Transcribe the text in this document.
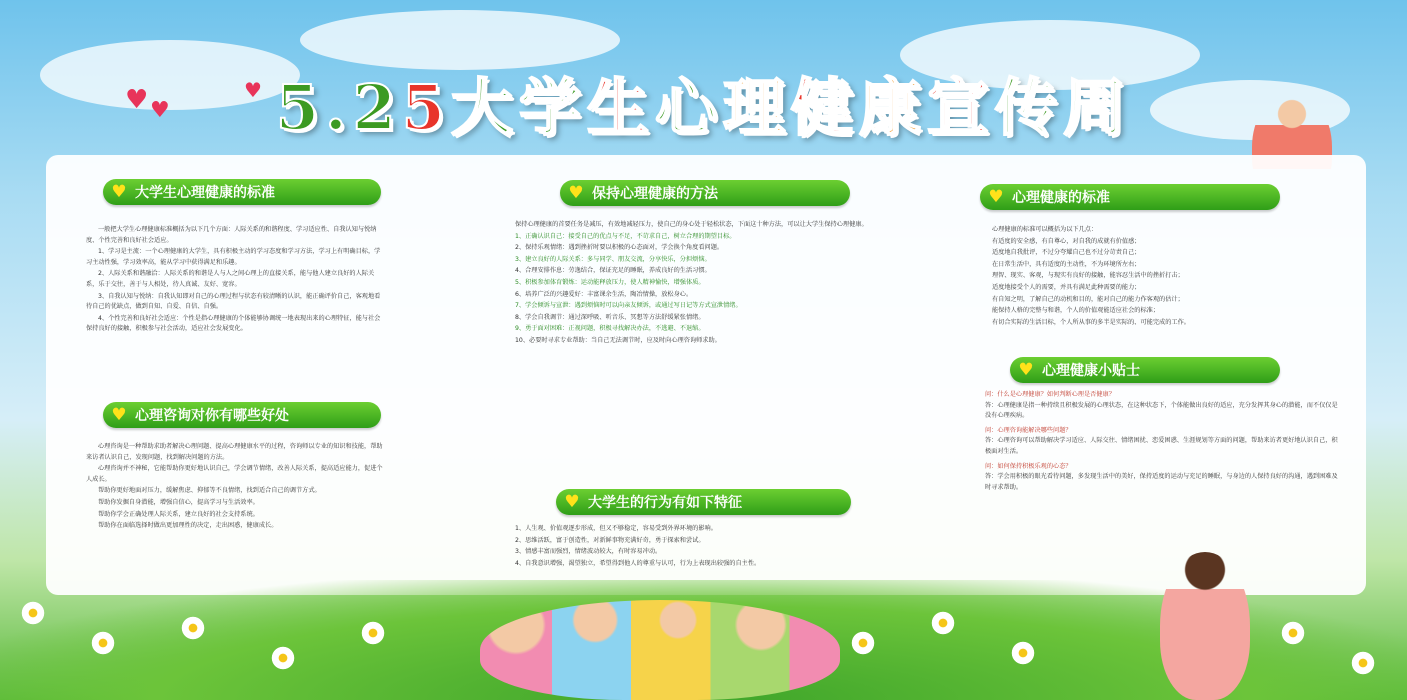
♥ ♥
♥ 5.25大学生心理健康宣传周
♥ 大学生心理健康的标准

一般把大学生心理健康标准概括为以下几个方面：人际关系的和谐程度、学习适应性、自我认知与悦纳度、个性完善和良好社会适应。

1、学习是主流：一个心理健康的大学生，具有积极主动的学习态度和学习方法，学习上有明确目标，学习主动性强，学习效率高，能从学习中获得满足和乐趣。

2、人际关系和谐融洽：人际关系的和谐是人与人之间心理上的直接关系，能与他人建立良好的人际关系，乐于交往，善于与人相处，待人真诚、友好、宽容。

3、自我认知与悦纳：自我认知即对自己的心理过程与状态有较清晰的认识，能正确评价自己，客观地看待自己的优缺点，做到自知、自爱、自信、自强。

4、个性完善和良好社会适应：个性是指心理健康的个体能够协调统一地表现出来的心理特征，能与社会保持良好的接触，积极参与社会活动，适应社会发展变化。

♥ 心理咨询对你有哪些好处

心理咨询是一种帮助求助者解决心理问题、提高心理健康水平的过程，咨询师以专业的知识和技能，帮助来访者认识自己，发现问题，找到解决问题的方法。

心理咨询并不神秘，它能帮助你更好地认识自己，学会调节情绪，改善人际关系，提高适应能力，促进个人成长。

帮助你更好地面对压力，缓解焦虑、抑郁等不良情绪，找到适合自己的调节方式。

帮助你发掘自身潜能，增强自信心，提高学习与生活效率。

帮助你学会正确处理人际关系，建立良好的社会支持系统。

帮助你在面临选择时做出更加理性的决定，走出困惑，健康成长。

♥ 保持心理健康的方法

保持心理健康的首要任务是减压，有效地减轻压力，使自己的身心处于轻松状态，下面这十种方法，可以让大学生保持心理健康。

1、正确认识自己：接受自己的优点与不足，不苛求自己，树立合理的期望目标。

2、保持乐观情绪：遇到挫折时要以积极的心态面对，学会换个角度看问题。

3、建立良好的人际关系：多与同学、朋友交流，分享快乐，分担烦恼。

4、合理安排作息：劳逸结合，保证充足的睡眠，养成良好的生活习惯。

5、积极参加体育锻炼：运动能释放压力，使人精神愉快，增强体质。

6、培养广泛的兴趣爱好：丰富课余生活，陶冶情操，放松身心。

7、学会倾诉与宣泄：遇到烦恼时可以向亲友倾诉，或通过写日记等方式宣泄情绪。

8、学会自我调节：通过深呼吸、听音乐、冥想等方法舒缓紧张情绪。

9、勇于面对困难：正视问题，积极寻找解决办法，不逃避、不退缩。

10、必要时寻求专业帮助：当自己无法调节时，应及时向心理咨询师求助。

♥ 大学生的行为有如下特征

1、人生观、价值观逐步形成，但又不够稳定，容易受到外界环境的影响。

2、思维活跃，富于创造性，对新鲜事物充满好奇，勇于探索和尝试。

3、情感丰富而强烈，情绪波动较大，有时容易冲动。

4、自我意识增强，渴望独立，希望得到他人的尊重与认可，行为上表现出较强的自主性。

♥ 心理健康的标准

心理健康的标准可以概括为以下几点：

有适度的安全感，有自尊心，对自我的成就有价值感；

适度地自我批评，不过分夸耀自己也不过分苛责自己；

在日常生活中，具有适度的主动性，不为环境所左右；

理智、现实、客观，与现实有良好的接触，能容忍生活中的挫折打击；

适度地接受个人的需要，并具有满足此种需要的能力；

有自知之明，了解自己的动机和目的，能对自己的能力作客观的估计；

能保持人格的完整与和谐，个人的价值观能适应社会的标准；

有切合实际的生活目标，个人所从事的多半是实际的、可能完成的工作。

♥ 心理健康小贴士
问：什么是心理健康？如何判断心理是否健康？
答：心理健康是指一种持续且积极发展的心理状态，在这种状态下，个体能做出良好的适应，充分发挥其身心的潜能，而不仅仅是没有心理疾病。
问：心理咨询能解决哪些问题？
答：心理咨询可以帮助解决学习适应、人际交往、情绪困扰、恋爱困惑、生涯规划等方面的问题，帮助来访者更好地认识自己，积极面对生活。
问：如何保持积极乐观的心态？
答：学会用积极的眼光看待问题，多发现生活中的美好，保持适度的运动与充足的睡眠，与身边的人保持良好的沟通，遇到困难及时寻求帮助。
